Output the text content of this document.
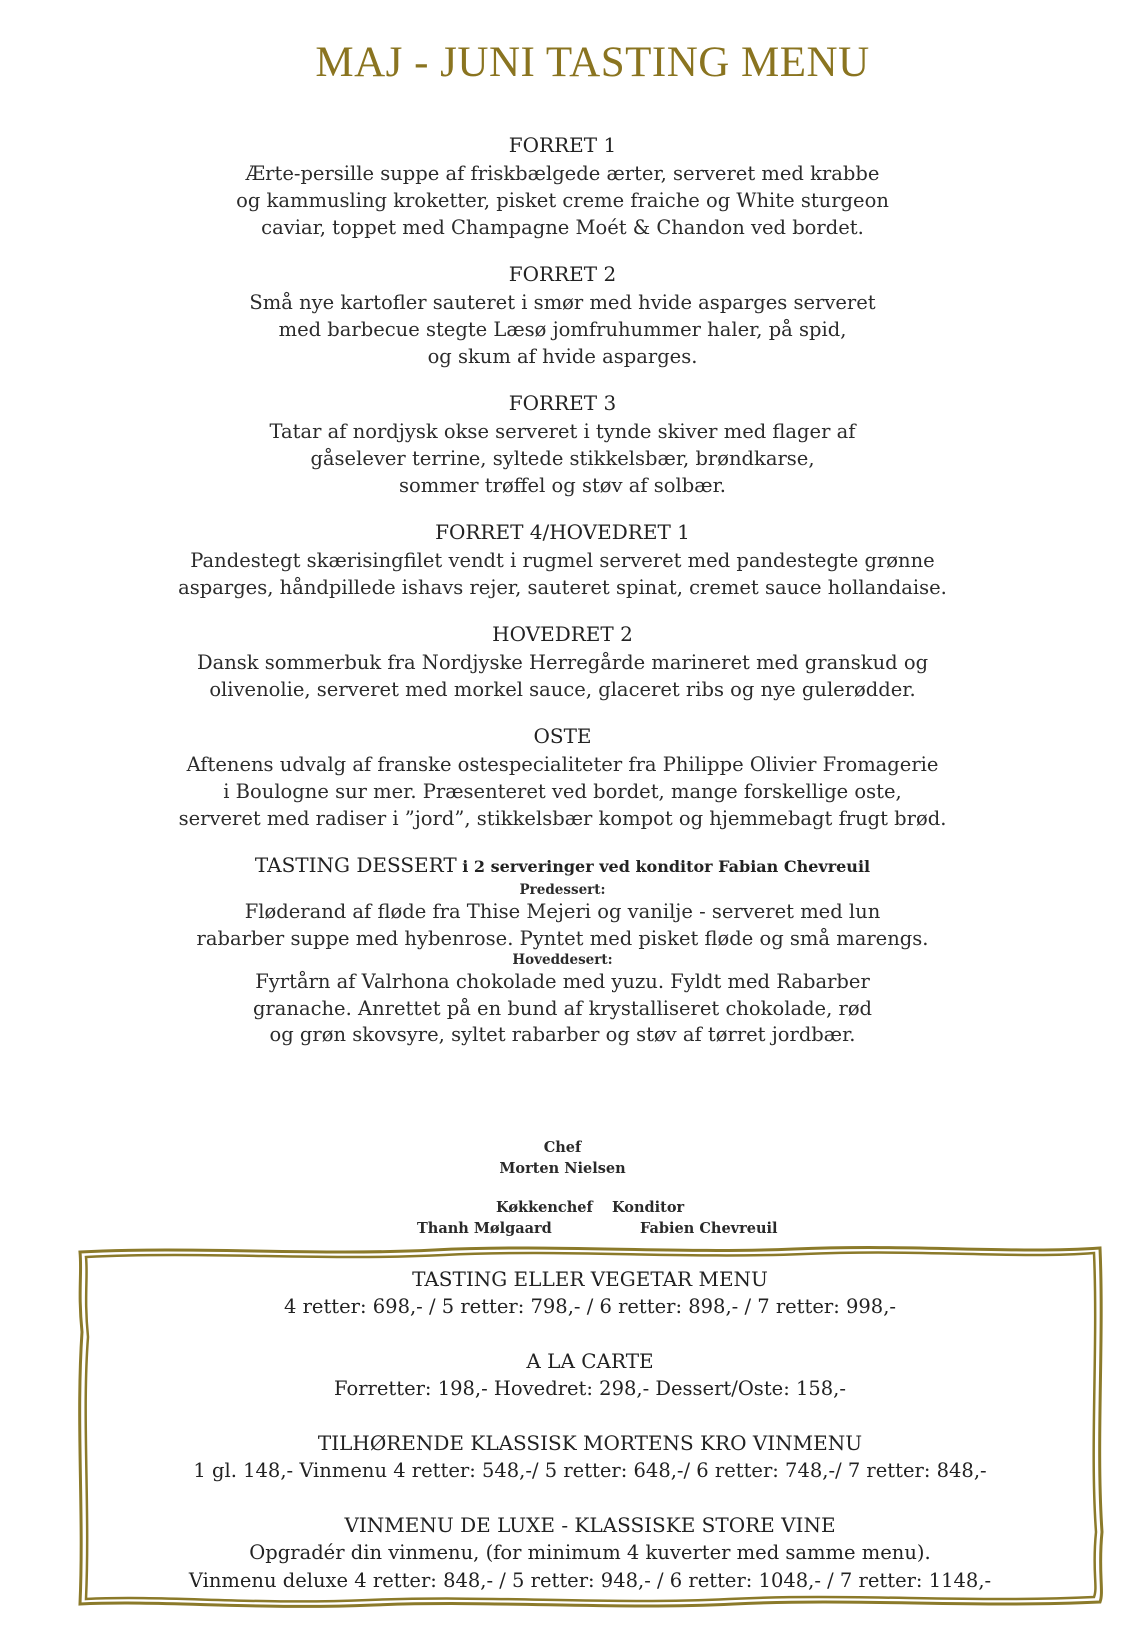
MAJ - JUNI TASTING MENU
FORRET 1

Ærte-persille suppe af friskbælgede ærter, serveret med krabbe

og kammusling kroketter, pisket creme fraiche og White sturgeon

caviar, toppet med Champagne Moét & Chandon ved bordet.

FORRET 2

Små nye kartofler sauteret i smør med hvide asparges serveret

med barbecue stegte Læsø jomfruhummer haler, på spid,

og skum af hvide asparges.

FORRET 3

Tatar af nordjysk okse serveret i tynde skiver med flager af

gåselever terrine, syltede stikkelsbær, brøndkarse,

sommer trøffel og støv af solbær.

FORRET 4/HOVEDRET 1

Pandestegt skærisingfilet vendt i rugmel serveret med pandestegte grønne

asparges, håndpillede ishavs rejer, sauteret spinat, cremet sauce hollandaise.

HOVEDRET 2

Dansk sommerbuk fra Nordjyske Herregårde marineret med granskud og

olivenolie, serveret med morkel sauce, glaceret ribs og nye gulerødder.

OSTE

Aftenens udvalg af franske ostespecialiteter fra Philippe Olivier Fromagerie

i Boulogne sur mer. Præsenteret ved bordet, mange forskellige oste,

serveret med radiser i ”jord”, stikkelsbær kompot og hjemmebagt frugt brød.

TASTING DESSERT i 2 serveringer ved konditor Fabian Chevreuil

Predessert:

Fløderand af fløde fra Thise Mejeri og vanilje - serveret med lun

rabarber suppe med hybenrose. Pyntet med pisket fløde og små marengs.

Hoveddesert:

Fyrtårn af Valrhona chokolade med yuzu. Fyldt med Rabarber

granache. Anrettet på en bund af krystalliseret chokolade, rød

og grøn skovsyre, syltet rabarber og støv af tørret jordbær.

Chef
Morten Nielsen
Køkkenchef Konditor
Thanh Mølgaard	Fabien Chevreuil
TASTING ELLER VEGETAR MENU

4 retter: 698,- / 5 retter: 798,- / 6 retter: 898,- / 7 retter: 998,-

A LA CARTE

Forretter: 198,- Hovedret: 298,- Dessert/Oste: 158,-

TILHØRENDE KLASSISK MORTENS KRO VINMENU

1 gl. 148,- Vinmenu 4 retter: 548,-/ 5 retter: 648,-/ 6 retter: 748,-/ 7 retter: 848,-

VINMENU DE LUXE - KLASSISKE STORE VINE

Opgradér din vinmenu, (for minimum 4 kuverter med samme menu).

Vinmenu deluxe 4 retter: 848,- / 5 retter: 948,- / 6 retter: 1048,- / 7 retter: 1148,-
